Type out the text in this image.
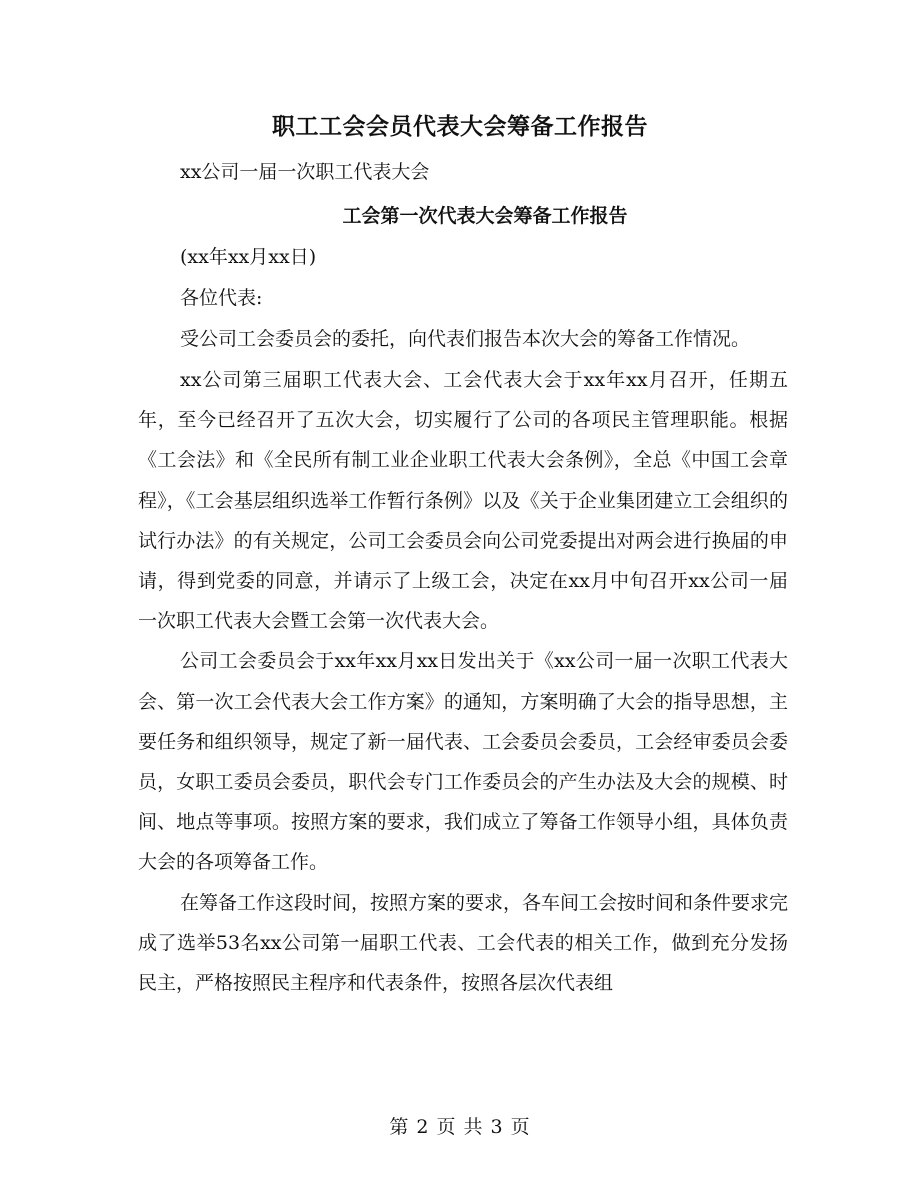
职工工会会员代表大会筹备工作报告
xx公司一届一次职工代表大会
工会第一次代表大会筹备工作报告
(xx年xx月xx日)
各位代表:
受公司工会委员会的委托，向代表们报告本次大会的筹备工作情况。

xx公司第三届职工代表大会、工会代表大会于xx年xx月召开，任期五年，至今已经召开了五次大会，切实履行了公司的各项民主管理职能。根据《工会法》和《全民所有制工业企业职工代表大会条例》，全总《中国工会章程》，《工会基层组织选举工作暂行条例》以及《关于企业集团建立工会组织的试行办法》的有关规定，公司工会委员会向公司党委提出对两会进行换届的申请，得到党委的同意，并请示了上级工会，决定在xx月中旬召开xx公司一届一次职工代表大会暨工会第一次代表大会。

公司工会委员会于xx年xx月xx日发出关于《xx公司一届一次职工代表大会、第一次工会代表大会工作方案》的通知，方案明确了大会的指导思想，主要任务和组织领导，规定了新一届代表、工会委员会委员，工会经审委员会委员，女职工委员会委员，职代会专门工作委员会的产生办法及大会的规模、时间、地点等事项。按照方案的要求，我们成立了筹备工作领导小组，具体负责大会的各项筹备工作。

在筹备工作这段时间，按照方案的要求，各车间工会按时间和条件要求完成了选举53名xx公司第一届职工代表、工会代表的相关工作，做到充分发扬民主，严格按照民主程序和代表条件，按照各层次代表组

第 2 页 共 3 页
